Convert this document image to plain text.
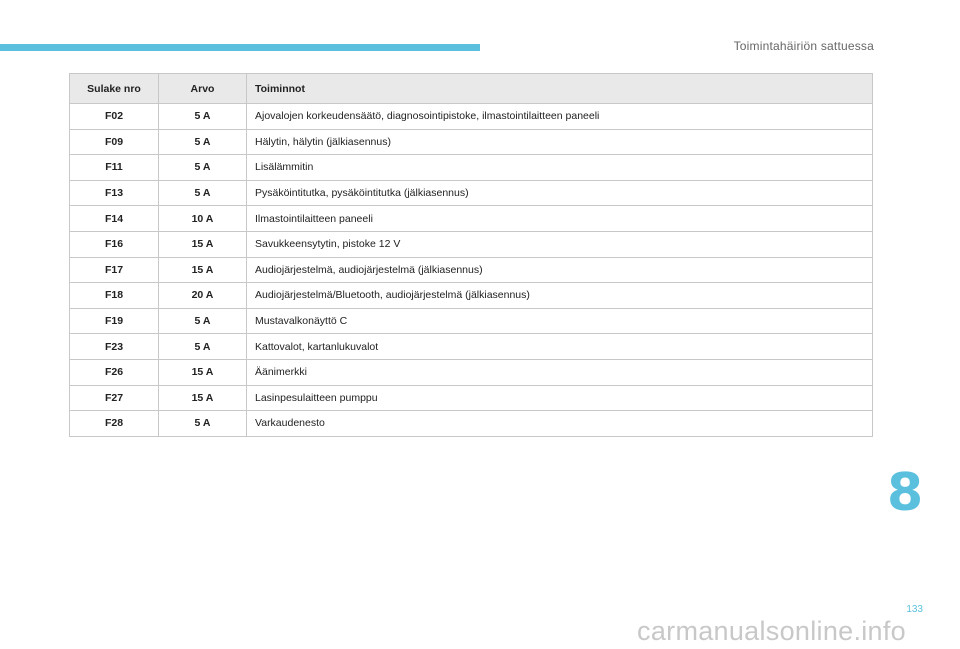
Toimintahäiriön sattuessa
Sulake nro	Arvo	Toiminnot
F02	5 A	Ajovalojen korkeudensäätö, diagnosointipistoke, ilmastointilaitteen paneeli
F09	5 A	Hälytin, hälytin (jälkiasennus)
F11	5 A	Lisälämmitin
F13	5 A	Pysäköintitutka, pysäköintitutka (jälkiasennus)
F14	10 A	Ilmastointilaitteen paneeli
F16	15 A	Savukkeensytytin, pistoke 12 V
F17	15 A	Audiojärjestelmä, audiojärjestelmä (jälkiasennus)
F18	20 A	Audiojärjestelmä/Bluetooth, audiojärjestelmä (jälkiasennus)
F19	5 A	Mustavalkonäyttö C
F23	5 A	Kattovalot, kartanlukuvalot
F26	15 A	Äänimerkki
F27	15 A	Lasinpesulaitteen pumppu
F28	5 A	Varkaudenesto
8
133
carmanualsonline.info
